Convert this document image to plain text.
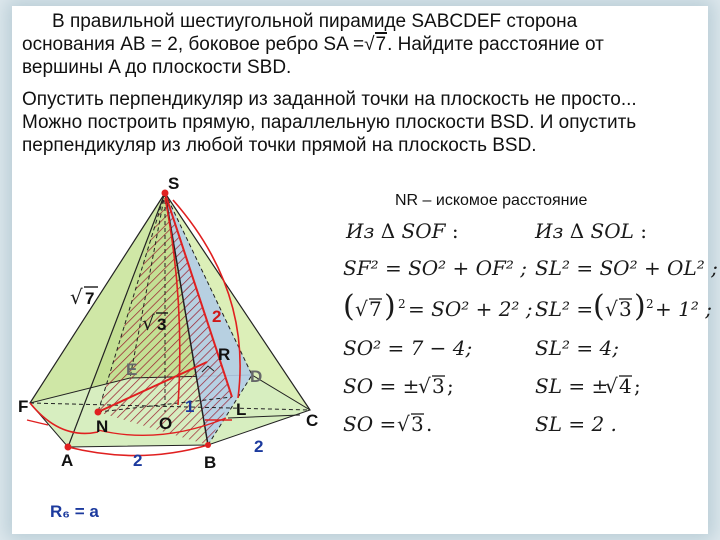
В правильной шестиугольной пирамиде SABCDEF сторона
основания AB = 2, боковое ребро SA =√7. Найдите расстояние от
вершины A до плоскости SBD.

Опустить перпендикуляр из заданной точки на плоскость не просто...
Можно построить прямую, параллельную плоскости BSD. И опустить
перпендикуляр из любой точки прямой на плоскость BSD.

S
F
E	D
C
B
A
O
N
R
L
√ 7
√ 3	2
1
2
2
R₆ = a
NR – искомое расстояние
Из Δ SOF :
SF² = SO² + OF² ;
( √ 7 ) 2 = SO² + 2² ;
SO² = 7 − 4;
SO = ±
√ 3 ;
SO = √ 3 .
Из Δ SOL :
SL² = SO² + OL² ;
SL² = ( √ 3 ) 2 + 1² ;
SL² = 4;
SL = ±
√ 4 ;
SL = 2 .
